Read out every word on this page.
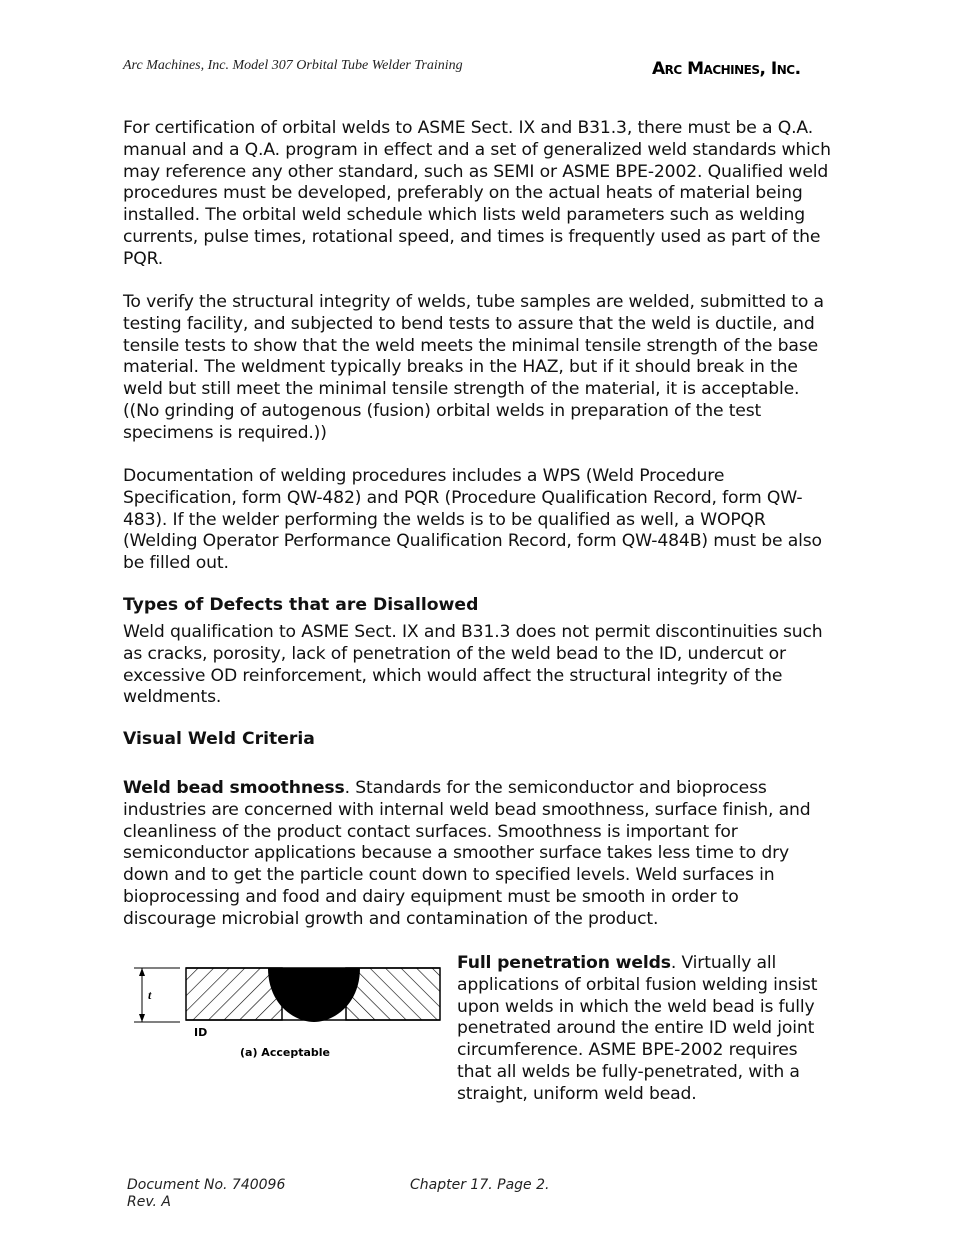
Arc Machines, Inc. Model 307 Orbital Tube Welder Training	Arc Machines, Inc.

For certification of orbital welds to ASME Sect. IX and B31.3, there must be a Q.A. manual and a Q.A. program in effect and a set of generalized weld standards which may reference any other standard, such as SEMI or ASME BPE-2002. Qualified weld procedures must be developed, preferably on the actual heats of material being installed. The orbital weld schedule which lists weld parameters such as welding currents, pulse times, rotational speed, and times is frequently used as part of the PQR.

To verify the structural integrity of welds, tube samples are welded, submitted to a testing facility, and subjected to bend tests to assure that the weld is ductile, and tensile tests to show that the weld meets the minimal tensile strength of the base material. The weldment typically breaks in the HAZ, but if it should break in the weld but still meet the minimal tensile strength of the material, it is acceptable. ((No grinding of autogenous (fusion) orbital welds in preparation of the test specimens is required.))

Documentation of welding procedures includes a WPS (Weld Procedure Specification, form QW-482) and PQR (Procedure Qualification Record, form QW-483). If the welder performing the welds is to be qualified as well, a WOPQR (Welding Operator Performance Qualification Record, form QW-484B) must be also be filled out.

Types of Defects that are Disallowed

Weld qualification to ASME Sect. IX and B31.3 does not permit discontinuities such as cracks, porosity, lack of penetration of the weld bead to the ID, undercut or excessive OD reinforcement, which would affect the structural integrity of the weldments.

Visual Weld Criteria

Weld bead smoothness. Standards for the semiconductor and bioprocess industries are concerned with internal weld bead smoothness, surface finish, and cleanliness of the product contact surfaces. Smoothness is important for semiconductor applications because a smoother surface takes less time to dry down and to get the particle count down to specified levels. Weld surfaces in bioprocessing and food and dairy equipment must be smooth in order to discourage microbial growth and contamination of the product.

t
ID
(a) Acceptable

Full penetration welds. Virtually all applications of orbital fusion welding insist upon welds in which the weld bead is fully penetrated around the entire ID weld joint circumference. ASME BPE-2002 requires that all welds be fully-penetrated, with a straight, uniform weld bead.

Document No. 740096
Rev. A
Chapter 17. Page 2.
